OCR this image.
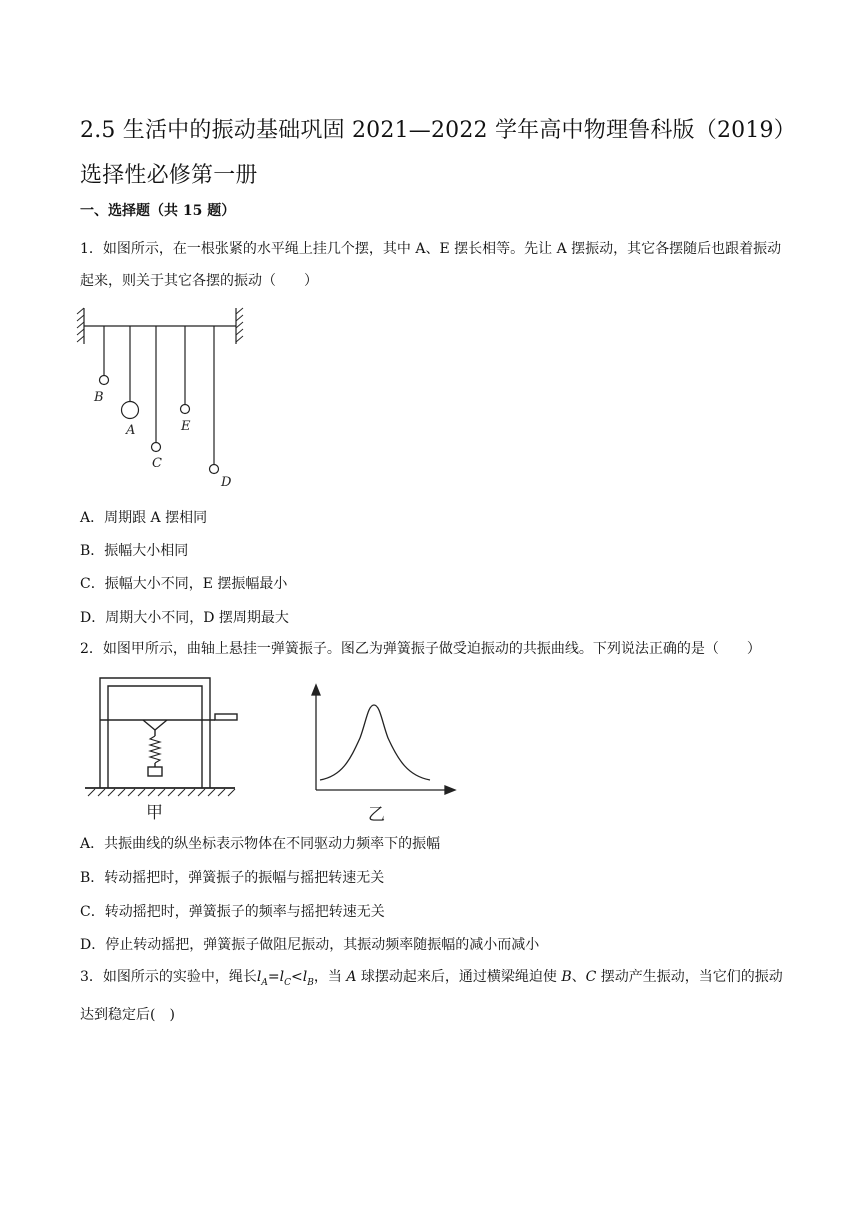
2.5 生活中的振动基础巩固 2021—2022 学年高中物理鲁科版（2019）
选择性必修第一册
一、选择题（共 15 题）
1．如图所示，在一根张紧的水平绳上挂几个摆，其中 A、E 摆长相等。先让 A 摆振动，其它各摆随后也跟着振动起来，则关于其它各摆的振动（　　）
B
A	E
C
D
A．周期跟 A 摆相同
B．振幅大小相同
C．振幅大小不同，E 摆振幅最小
D．周期大小不同，D 摆周期最大
2．如图甲所示，曲轴上悬挂一弹簧振子。图乙为弹簧振子做受迫振动的共振曲线。下列说法正确的是（　　）
甲	乙
A．共振曲线的纵坐标表示物体在不同驱动力频率下的振幅
B．转动摇把时，弹簧振子的振幅与摇把转速无关
C．转动摇把时，弹簧振子的频率与摇把转速无关
D．停止转动摇把，弹簧振子做阻尼振动，其振动频率随振幅的减小而减小
3．如图所示的实验中，绳长$l_A=l_C<l_B$，当 A 球摆动起来后，通过横梁绳迫使 B、C 摆动产生振动，当它们的振动达到稳定后(　)
